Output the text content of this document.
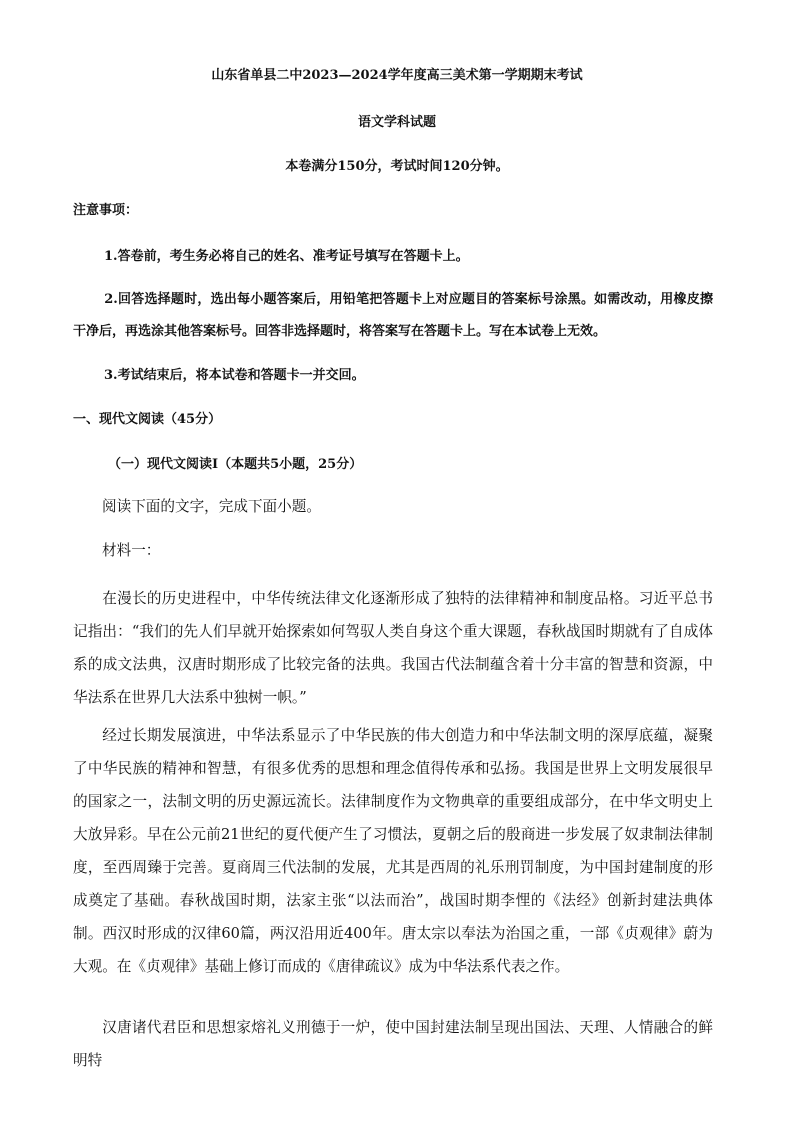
山东省单县二中2023—2024学年度高三美术第一学期期末考试
语文学科试题
本卷满分150分，考试时间120分钟。
注意事项：
1.答卷前，考生务必将自己的姓名、准考证号填写在答题卡上。
2.回答选择题时，选出每小题答案后，用铅笔把答题卡上对应题目的答案标号涂黑。如需改动，用橡皮擦干净后，再选涂其他答案标号。回答非选择题时，将答案写在答题卡上。写在本试卷上无效。
3.考试结束后，将本试卷和答题卡一并交回。
一、现代文阅读（45分）
（一）现代文阅读Ⅰ（本题共5小题，25分）
阅读下面的文字，完成下面小题。
材料一：
在漫长的历史进程中，中华传统法律文化逐渐形成了独特的法律精神和制度品格。习近平总书记指出：“我们的先人们早就开始探索如何驾驭人类自身这个重大课题，春秋战国时期就有了自成体系的成文法典，汉唐时期形成了比较完备的法典。我国古代法制蕴含着十分丰富的智慧和资源，中华法系在世界几大法系中独树一帜。”
经过长期发展演进，中华法系显示了中华民族的伟大创造力和中华法制文明的深厚底蕴，凝聚了中华民族的精神和智慧，有很多优秀的思想和理念值得传承和弘扬。我国是世界上文明发展很早的国家之一，法制文明的历史源远流长。法律制度作为文物典章的重要组成部分，在中华文明史上大放异彩。早在公元前21世纪的夏代便产生了习惯法，夏朝之后的殷商进一步发展了奴隶制法律制度，至西周臻于完善。夏商周三代法制的发展，尤其是西周的礼乐刑罚制度，为中国封建制度的形成奠定了基础。春秋战国时期，法家主张“以法而治”，战国时期李悝的《法经》创新封建法典体制。西汉时形成的汉律60篇，两汉沿用近400年。唐太宗以奉法为治国之重，一部《贞观律》蔚为大观。在《贞观律》基础上修订而成的《唐律疏议》成为中华法系代表之作。
汉唐诸代君臣和思想家熔礼义刑德于一炉，使中国封建法制呈现出国法、天理、人情融合的鲜明特
